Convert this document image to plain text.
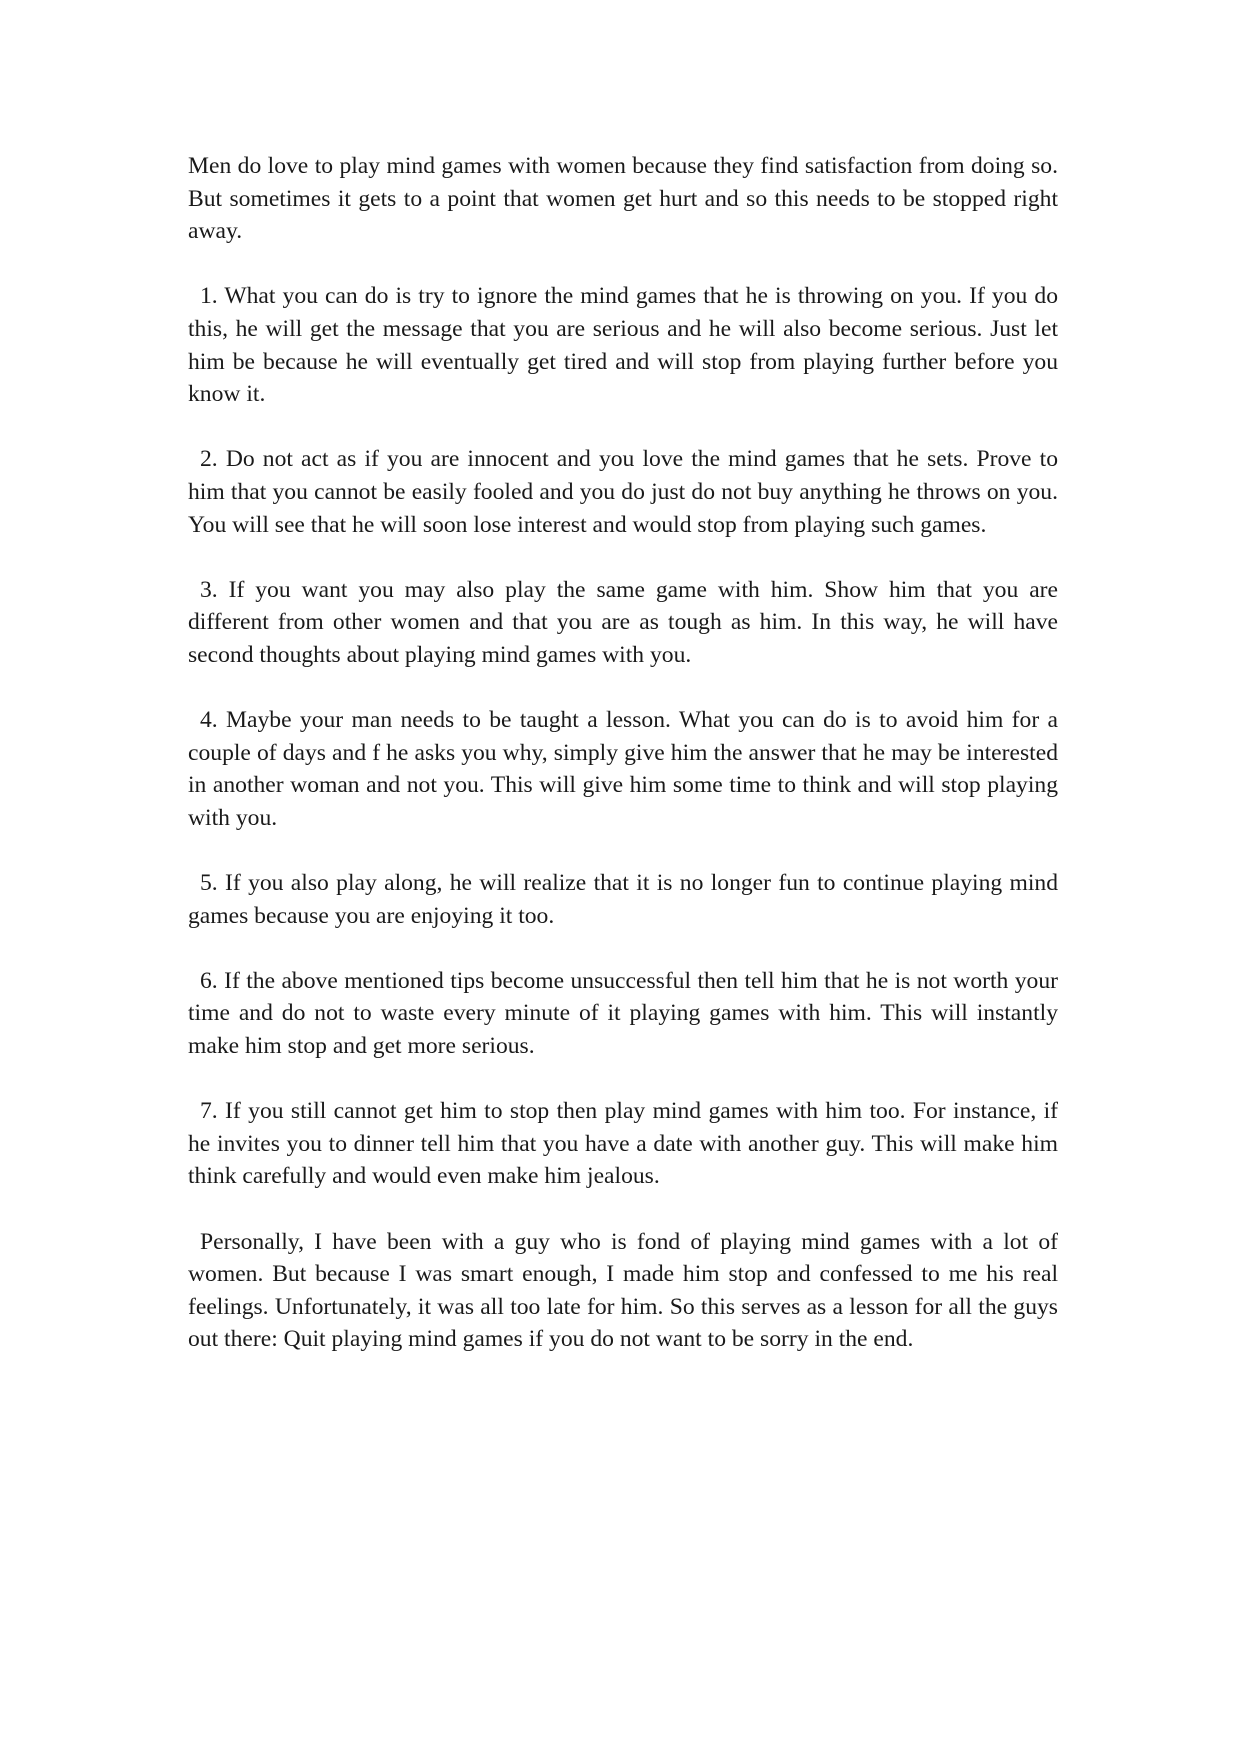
Men do love to play mind games with women because they find satisfaction from doing so. But sometimes it gets to a point that women get hurt and so this needs to be stopped right away.

1. What you can do is try to ignore the mind games that he is throwing on you. If you do this, he will get the message that you are serious and he will also become serious. Just let him be because he will eventually get tired and will stop from playing further before you know it.

2. Do not act as if you are innocent and you love the mind games that he sets. Prove to him that you cannot be easily fooled and you do just do not buy anything he throws on you. You will see that he will soon lose interest and would stop from playing such games.

3. If you want you may also play the same game with him. Show him that you are different from other women and that you are as tough as him. In this way, he will have second thoughts about playing mind games with you.

4. Maybe your man needs to be taught a lesson. What you can do is to avoid him for a couple of days and f he asks you why, simply give him the answer that he may be interested in another woman and not you. This will give him some time to think and will stop playing with you.

5. If you also play along, he will realize that it is no longer fun to continue playing mind games because you are enjoying it too.

6. If the above mentioned tips become unsuccessful then tell him that he is not worth your time and do not to waste every minute of it playing games with him. This will instantly make him stop and get more serious.

7. If you still cannot get him to stop then play mind games with him too. For instance, if he invites you to dinner tell him that you have a date with another guy. This will make him think carefully and would even make him jealous.

Personally, I have been with a guy who is fond of playing mind games with a lot of women. But because I was smart enough, I made him stop and confessed to me his real feelings. Unfortunately, it was all too late for him. So this serves as a lesson for all the guys out there: Quit playing mind games if you do not want to be sorry in the end.
